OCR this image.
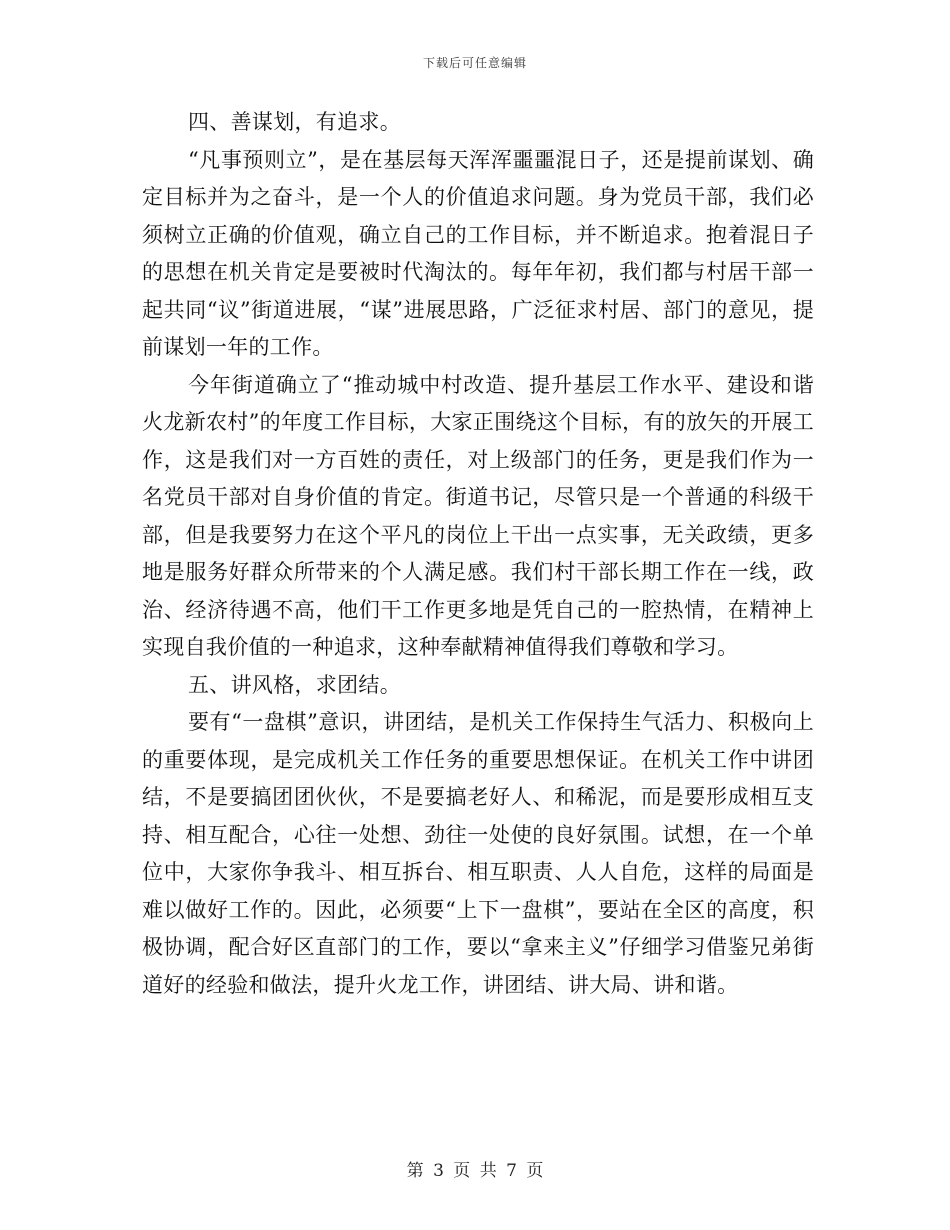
下载后可任意编辑

四、善谋划，有追求。

“凡事预则立”，是在基层每天浑浑噩噩混日子，还是提前谋划、确定目标并为之奋斗，是一个人的价值追求问题。身为党员干部，我们必须树立正确的价值观，确立自己的工作目标，并不断追求。抱着混日子的思想在机关肯定是要被时代淘汰的。每年年初，我们都与村居干部一起共同“议”街道进展，“谋”进展思路，广泛征求村居、部门的意见，提前谋划一年的工作。

今年街道确立了“推动城中村改造、提升基层工作水平、建设和谐火龙新农村”的年度工作目标，大家正围绕这个目标，有的放矢的开展工作，这是我们对一方百姓的责任，对上级部门的任务，更是我们作为一名党员干部对自身价值的肯定。街道书记，尽管只是一个普通的科级干部，但是我要努力在这个平凡的岗位上干出一点实事，无关政绩，更多地是服务好群众所带来的个人满足感。我们村干部长期工作在一线，政治、经济待遇不高，他们干工作更多地是凭自己的一腔热情，在精神上实现自我价值的一种追求，这种奉献精神值得我们尊敬和学习。

五、讲风格，求团结。

要有“一盘棋”意识，讲团结，是机关工作保持生气活力、积极向上的重要体现，是完成机关工作任务的重要思想保证。在机关工作中讲团结，不是要搞团团伙伙，不是要搞老好人、和稀泥，而是要形成相互支持、相互配合，心往一处想、劲往一处使的良好氛围。试想，在一个单位中，大家你争我斗、相互拆台、相互职责、人人自危，这样的局面是难以做好工作的。因此，必须要“上下一盘棋”，要站在全区的高度，积极协调，配合好区直部门的工作，要以“拿来主义”仔细学习借鉴兄弟街道好的经验和做法，提升火龙工作，讲团结、讲大局、讲和谐。

第 3 页 共 7 页
